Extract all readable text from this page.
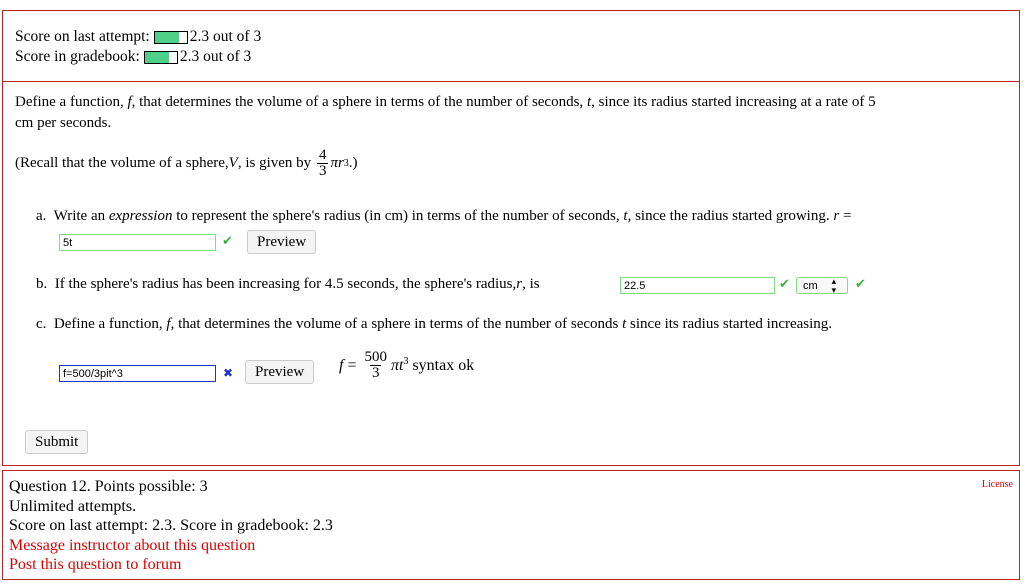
Score on last attempt:	2.3 out of 3
Score in gradebook:	2.3 out of 3
Define a function, f, that determines the volume of a sphere in terms of the number of seconds, t, since its radius started increasing at a rate of 5
cm per seconds.
(Recall that the volume of a sphere, V , is given by $\frac{4}{3}$ πr 3 .)
a. Write an expression to represent the sphere's radius (in cm) in terms of the number of seconds, t, since the radius started growing. r =
5t
✔	Preview
b. If the sphere's radius has been increasing for 4.5 seconds, the sphere's radius,r, is
22.5	✔ cm ▴
▾ ✔
c. Define a function, f, that determines the volume of a sphere in terms of the number of seconds t since its radius started increasing.
f=500/3pit^3
✖	Preview	$f = \frac{500}{3} \pi t^3$ syntax ok
Submit
Question 12. Points possible: 3
Unlimited attempts.
Score on last attempt: 2.3. Score in gradebook: 2.3
Message instructor about this question
Post this question to forum
License
